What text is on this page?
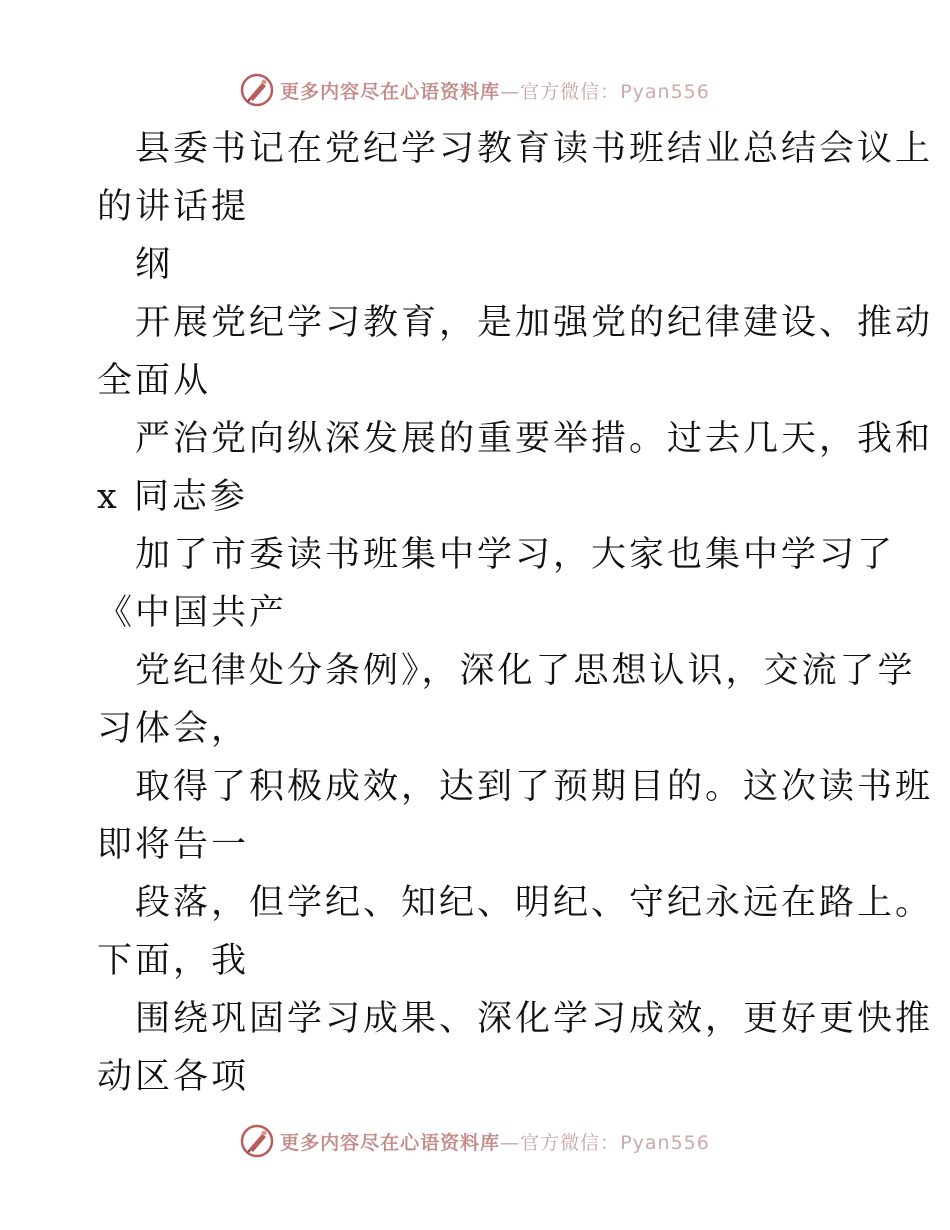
更多内容尽在心语资料库—官方微信：Pyan556
县委书记在党纪学习教育读书班结业总结会议上
的讲话提
纲
开展党纪学习教育，是加强党的纪律建设、推动
全面从
严治党向纵深发展的重要举措。过去几天，我和
x 同志参
加了市委读书班集中学习，大家也集中学习了
《中国共产
党纪律处分条例》，深化了思想认识，交流了学
习体会，
取得了积极成效，达到了预期目的。这次读书班
即将告一
段落，但学纪、知纪、明纪、守纪永远在路上。
下面，我
围绕巩固学习成果、深化学习成效，更好更快推
动区各项
更多内容尽在心语资料库—官方微信：Pyan556
